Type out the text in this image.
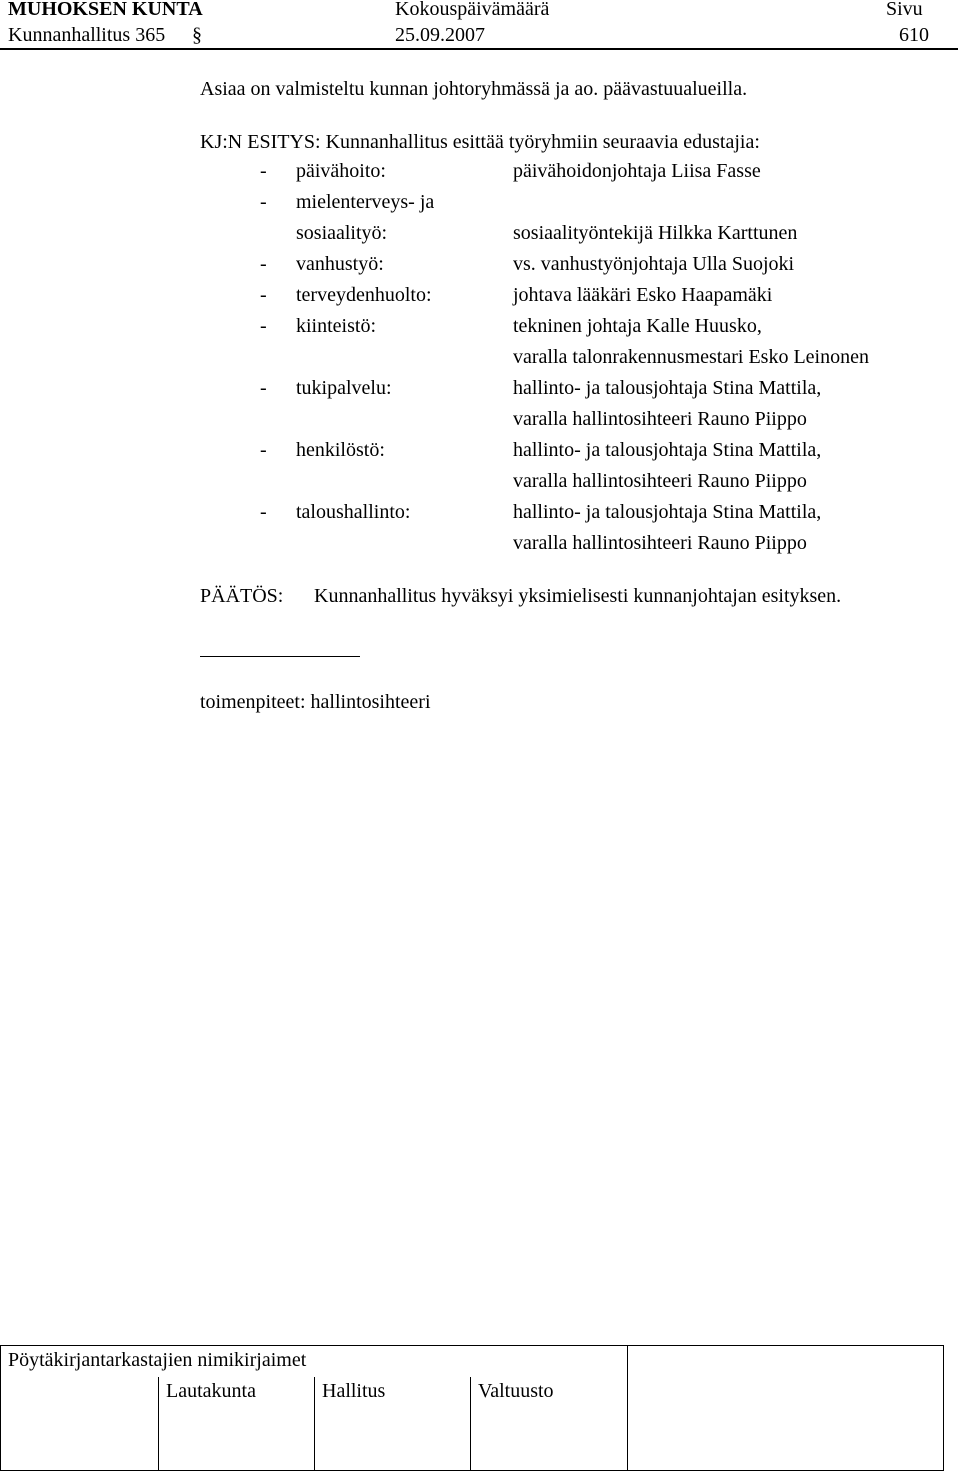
MUHOKSEN KUNTA
Kunnanhallitus 365
Kokouspäivämäärä
25.09.2007
Sivu
610
§
Asiaa on valmisteltu kunnan johtoryhmässä ja ao. päävastuualueilla.
KJ:N ESITYS: Kunnanhallitus esittää työryhmiin seuraavia edustajia:
- päivähoito:	päivähoidonjohtaja Liisa Fasse
- mielenterveys- ja
sosiaalityö:	sosiaalityöntekijä Hilkka Karttunen
- vanhustyö:	vs. vanhustyönjohtaja Ulla Suojoki
- terveydenhuolto:	johtava lääkäri Esko Haapamäki
- kiinteistö:	tekninen johtaja Kalle Huusko,
varalla talonrakennusmestari Esko Leinonen
- tukipalvelu:	hallinto- ja talousjohtaja Stina Mattila,
varalla hallintosihteeri Rauno Piippo
- henkilöstö:	hallinto- ja talousjohtaja Stina Mattila,
varalla hallintosihteeri Rauno Piippo
- taloushallinto:	hallinto- ja talousjohtaja Stina Mattila,
varalla hallintosihteeri Rauno Piippo
PÄÄTÖS: Kunnanhallitus hyväksyi yksimielisesti kunnanjohtajan esityksen.
toimenpiteet: hallintosihteeri
Pöytäkirjantarkastajien nimikirjaimet
Lautakunta	Hallitus	Valtuusto
